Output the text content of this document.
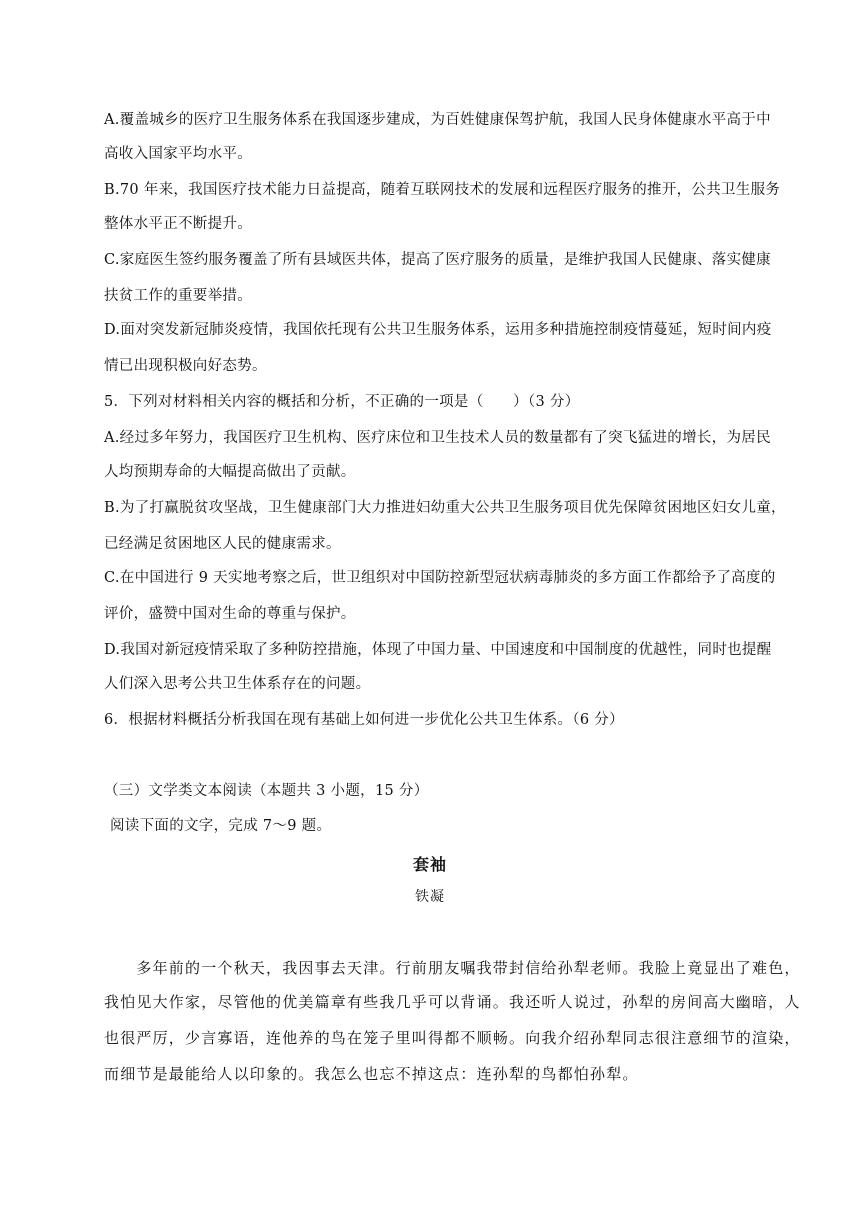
A.覆盖城乡的医疗卫生服务体系在我国逐步建成，为百姓健康保驾护航，我国人民身体健康水平高于中
高收入国家平均水平。
B.70 年来，我国医疗技术能力日益提高，随着互联网技术的发展和远程医疗服务的推开，公共卫生服务
整体水平正不断提升。
C.家庭医生签约服务覆盖了所有县域医共体，提高了医疗服务的质量，是维护我国人民健康、落实健康
扶贫工作的重要举措。
D.面对突发新冠肺炎疫情，我国依托现有公共卫生服务体系，运用多种措施控制疫情蔓延，短时间内疫
情已出现积极向好态势。
5．下列对材料相关内容的概括和分析，不正确的一项是（　　）（3 分）
A.经过多年努力，我国医疗卫生机构、医疗床位和卫生技术人员的数量都有了突飞猛进的增长，为居民
人均预期寿命的大幅提高做出了贡献。
B.为了打赢脱贫攻坚战，卫生健康部门大力推进妇幼重大公共卫生服务项目优先保障贫困地区妇女儿童，
已经满足贫困地区人民的健康需求。
C.在中国进行 9 天实地考察之后，世卫组织对中国防控新型冠状病毒肺炎的多方面工作都给予了高度的
评价，盛赞中国对生命的尊重与保护。
D.我国对新冠疫情采取了多种防控措施，体现了中国力量、中国速度和中国制度的优越性，同时也提醒
人们深入思考公共卫生体系存在的问题。
6．根据材料概括分析我国在现有基础上如何进一步优化公共卫生体系。（6 分）
（三）文学类文本阅读（本题共 3 小题，15 分）
阅读下面的文字，完成 7～9 题。
套袖
铁凝
　　多年前的一个秋天，我因事去天津。行前朋友嘱我带封信给孙犁老师。我脸上竟显出了难色，
我怕见大作家，尽管他的优美篇章有些我几乎可以背诵。我还听人说过，孙犁的房间高大幽暗，人
也很严厉，少言寡语，连他养的鸟在笼子里叫得都不顺畅。向我介绍孙犁同志很注意细节的渲染，
而细节是最能给人以印象的。我怎么也忘不掉这点：连孙犁的鸟都怕孙犁。
